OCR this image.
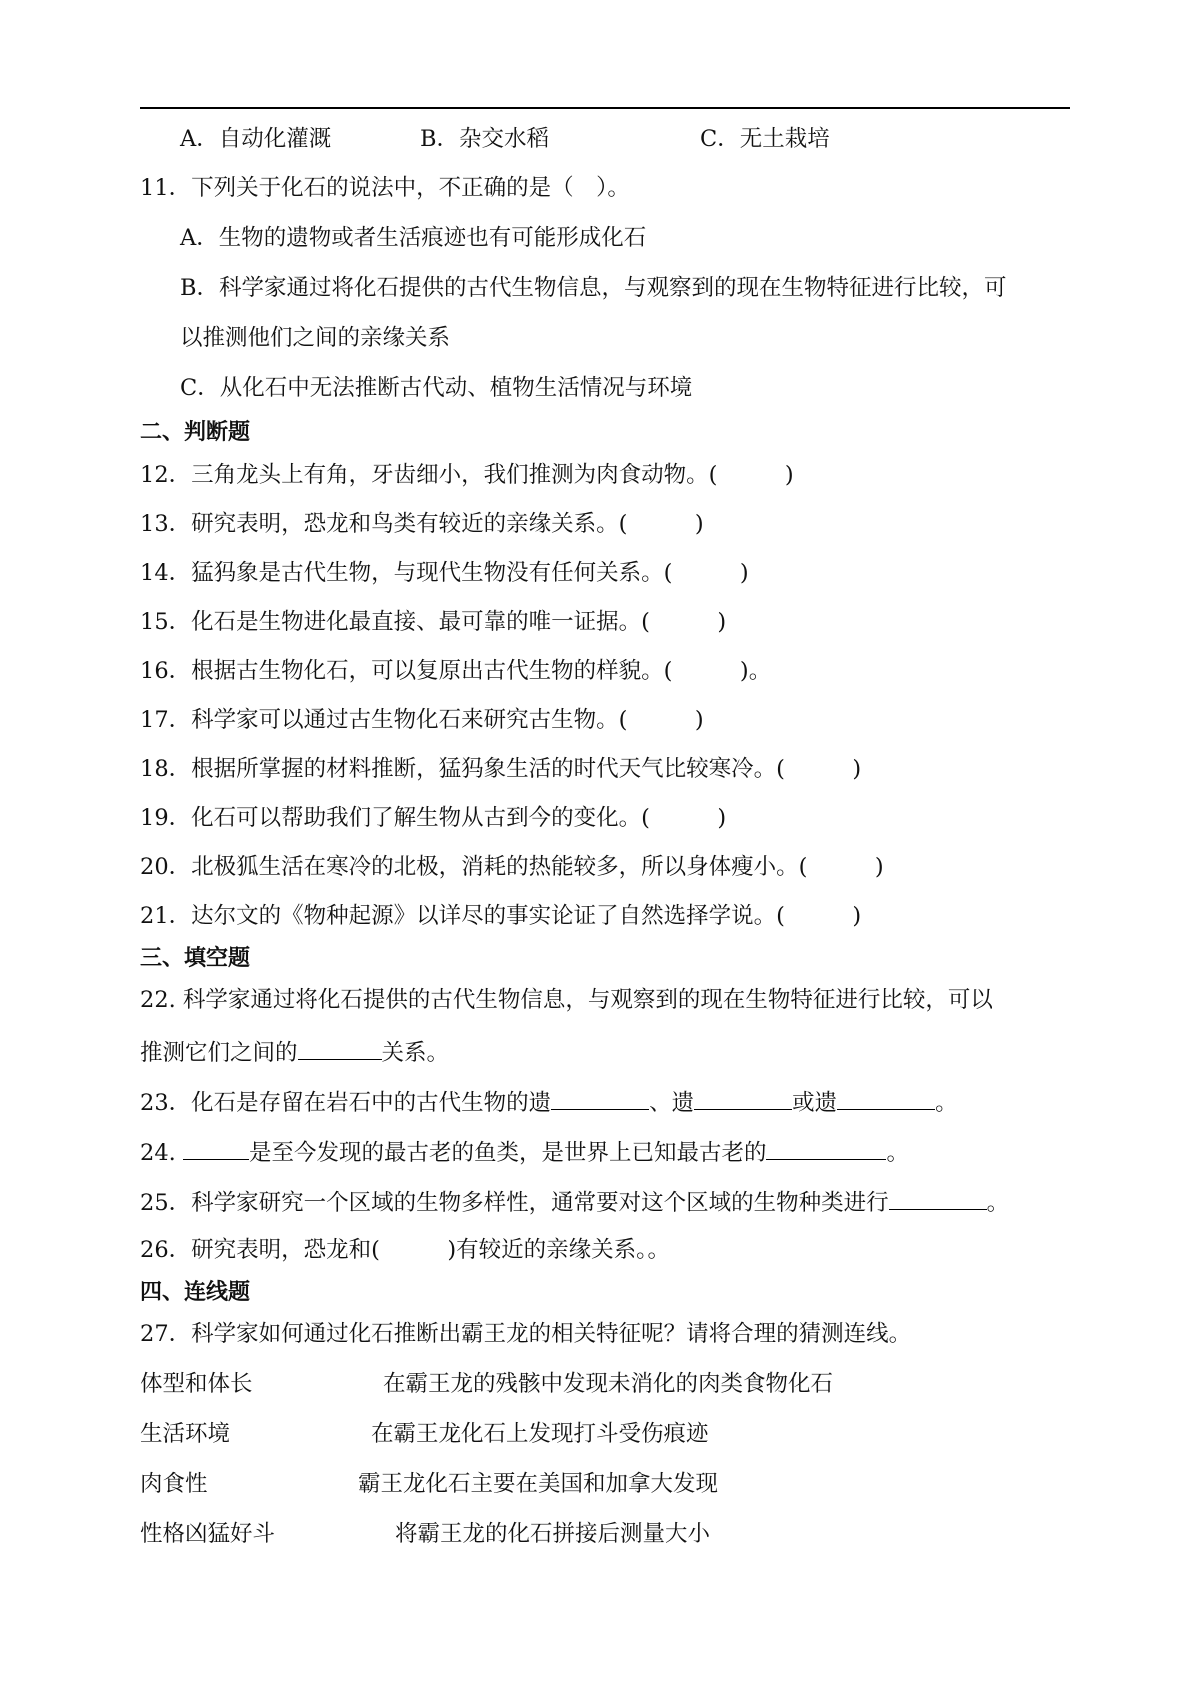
A．自动化灌溉	B．杂交水稻	C．无土栽培
11．下列关于化石的说法中，不正确的是（　）。
A．生物的遗物或者生活痕迹也有可能形成化石
B．科学家通过将化石提供的古代生物信息，与观察到的现在生物特征进行比较，可
以推测他们之间的亲缘关系
C．从化石中无法推断古代动、植物生活情况与环境
二、判断题
12．三角龙头上有角，牙齿细小，我们推测为肉食动物。(　　　)
13．研究表明，恐龙和鸟类有较近的亲缘关系。(　　　)
14．猛犸象是古代生物，与现代生物没有任何关系。(　　　)
15．化石是生物进化最直接、最可靠的唯一证据。(　　　)
16．根据古生物化石，可以复原出古代生物的样貌。(　　　)。
17．科学家可以通过古生物化石来研究古生物。(　　　)
18．根据所掌握的材料推断，猛犸象生活的时代天气比较寒冷。(　　　)
19．化石可以帮助我们了解生物从古到今的变化。(　　　)
20．北极狐生活在寒冷的北极，消耗的热能较多，所以身体瘦小。(　　　)
21．达尔文的《物种起源》以详尽的事实论证了自然选择学说。(　　　)
三、填空题
22. 科学家通过将化石提供的古代生物信息，与观察到的现在生物特征进行比较，可以
推测它们之间的	关系。
23．化石是存留在岩石中的古代生物的遗	、遗	或遗	。
24.	是至今发现的最古老的鱼类，是世界上已知最古老的	。
25．科学家研究一个区域的生物多样性，通常要对这个区域的生物种类进行	。
26．研究表明，恐龙和(　　　)有较近的亲缘关系。。
四、连线题
27．科学家如何通过化石推断出霸王龙的相关特征呢？请将合理的猜测连线。
体型和体长	在霸王龙的残骸中发现未消化的肉类食物化石
生活环境	在霸王龙化石上发现打斗受伤痕迹
肉食性	霸王龙化石主要在美国和加拿大发现
性格凶猛好斗	将霸王龙的化石拼接后测量大小
